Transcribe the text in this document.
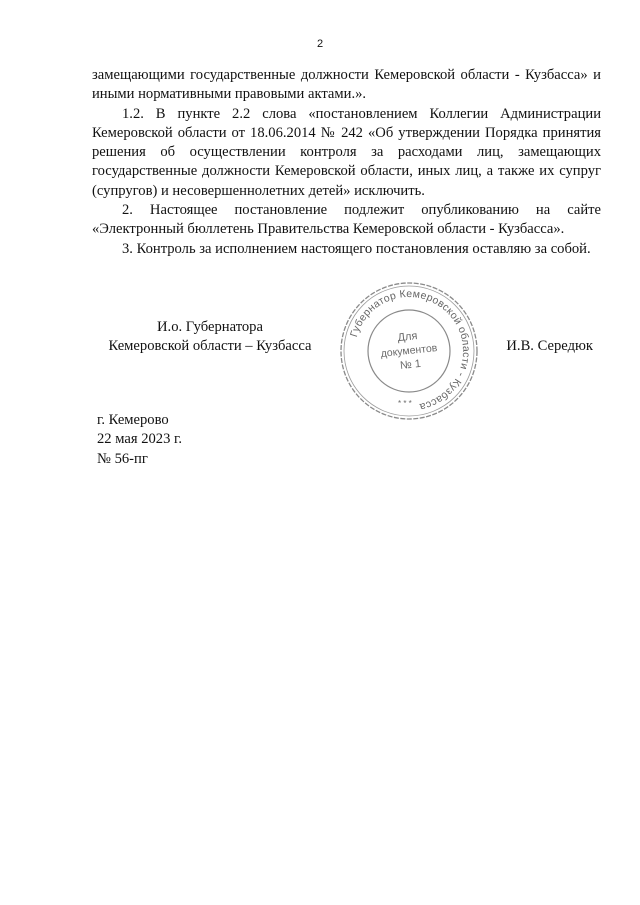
2

замещающими государственные должности Кемеровской области - Кузбасса» и иными нормативными правовыми актами.».

1.2. В пункте 2.2 слова «постановлением Коллегии Администрации Кемеровской области от 18.06.2014 № 242 «Об утверждении Порядка принятия решения об осуществлении контроля за расходами лиц, замещающих государственные должности Кемеровской области, иных лиц, а также их супруг (супругов) и несовершеннолетних детей» исключить.

2. Настоящее постановление подлежит опубликованию на сайте «Электронный бюллетень Правительства Кемеровской области - Кузбасса».

3. Контроль за исполнением настоящего постановления оставляю за собой.

И.о. Губернатора
Кемеровской области – Кузбасса	И.В. Середюк
Губернатор Кемеровской области - Кузбасса
* * *
Для
документов
№ 1
г. Кемерово
22 мая 2023 г.
№ 56-пг
